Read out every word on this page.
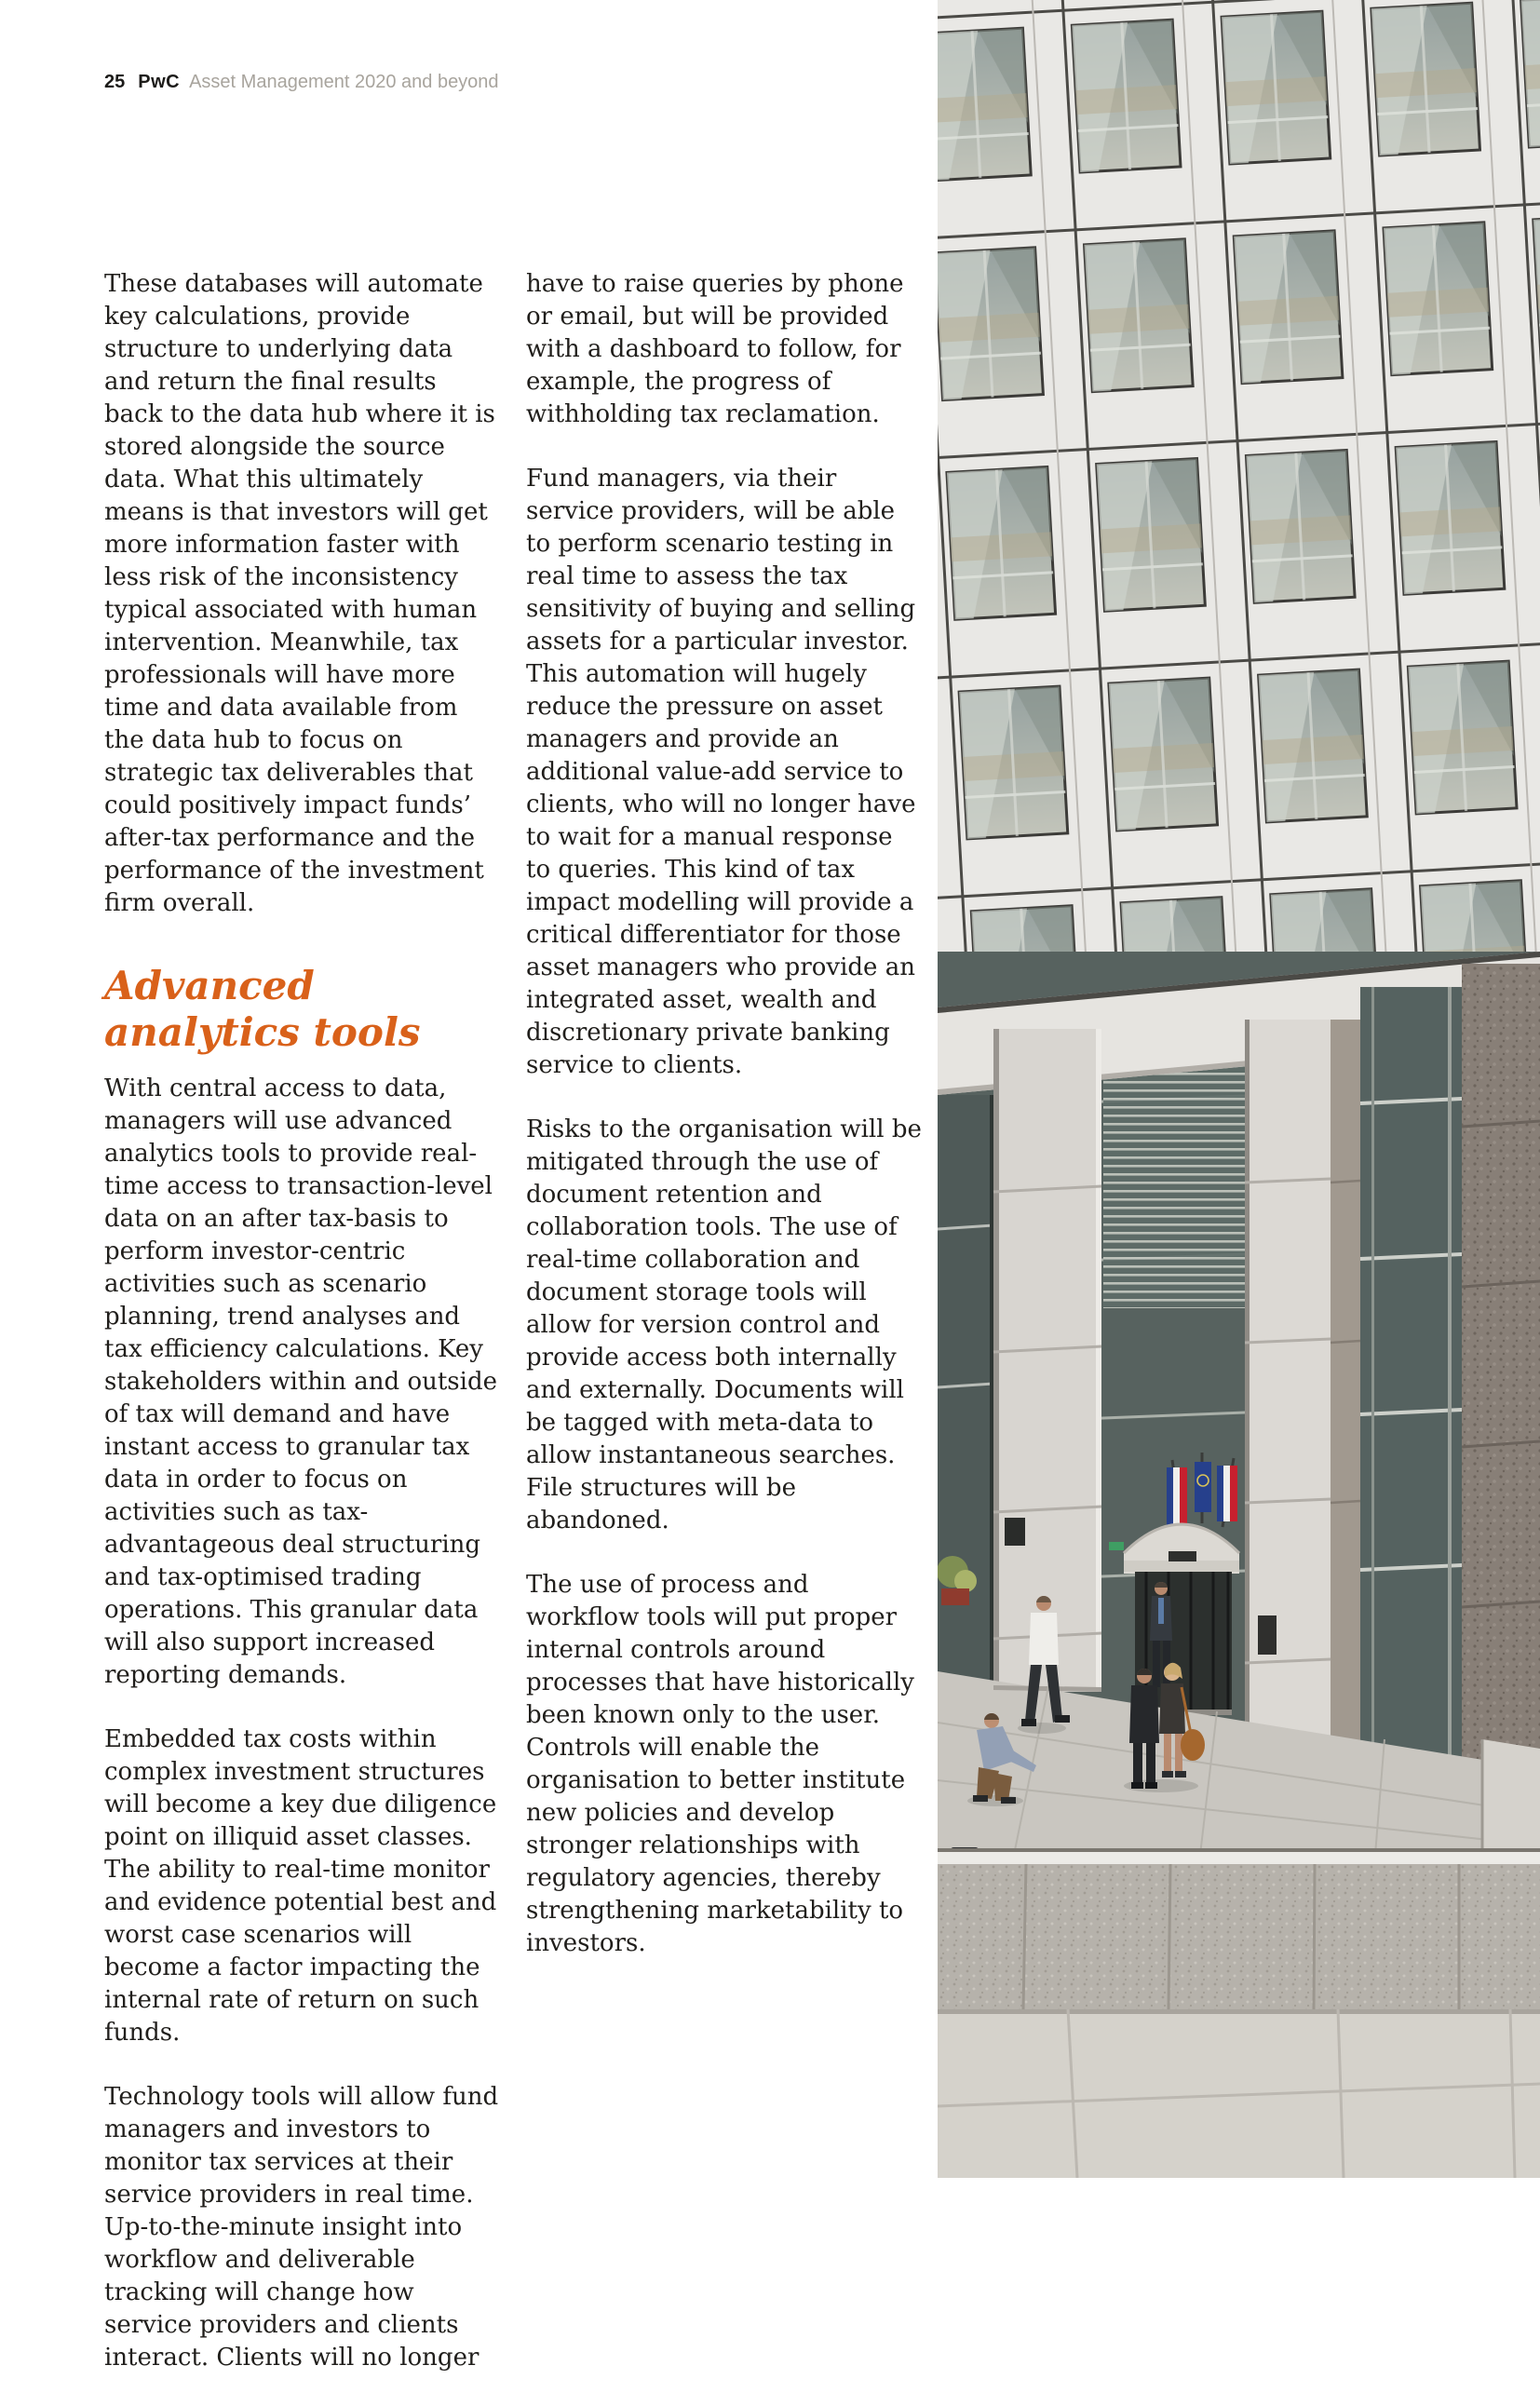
25 PwC Asset Management 2020 and beyond

These databases will automate key calculations, provide structure to underlying data and return the final results back to the data hub where it is stored alongside the source data. What this ultimately means is that investors will get more information faster with less risk of the inconsistency typical associated with human intervention. Meanwhile, tax professionals will have more time and data available from the data hub to focus on strategic tax deliverables that could positively impact funds’ after-tax performance and the performance of the investment firm overall.

Advanced analytics tools

With central access to data, managers will use advanced analytics tools to provide real-time access to transaction-level data on an after tax-basis to perform investor-centric activities such as scenario planning, trend analyses and tax efficiency calculations. Key stakeholders within and outside of tax will demand and have instant access to granular tax data in order to focus on activities such as tax-advantageous deal structuring and tax-optimised trading operations. This granular data will also support increased reporting demands.

Embedded tax costs within complex investment structures will become a key due diligence point on illiquid asset classes. The ability to real-time monitor and evidence potential best and worst case scenarios will become a factor impacting the internal rate of return on such funds.

Technology tools will allow fund managers and investors to monitor tax services at their service providers in real time. Up-to-the-minute insight into workflow and deliverable tracking will change how service providers and clients interact. Clients will no longer

have to raise queries by phone or email, but will be provided with a dashboard to follow, for example, the progress of withholding tax reclamation.

Fund managers, via their service providers, will be able to perform scenario testing in real time to assess the tax sensitivity of buying and selling assets for a particular investor. This automation will hugely reduce the pressure on asset managers and provide an additional value-add service to clients, who will no longer have to wait for a manual response to queries. This kind of tax impact modelling will provide a critical differentiator for those asset managers who provide an integrated asset, wealth and discretionary private banking service to clients.

Risks to the organisation will be mitigated through the use of document retention and collaboration tools. The use of real-time collaboration and document storage tools will allow for version control and provide access both internally and externally. Documents will be tagged with meta-data to allow instantaneous searches. File structures will be abandoned.

The use of process and workflow tools will put proper internal controls around processes that have historically been known only to the user. Controls will enable the organisation to better institute new policies and develop stronger relationships with regulatory agencies, thereby strengthening marketability to investors.
